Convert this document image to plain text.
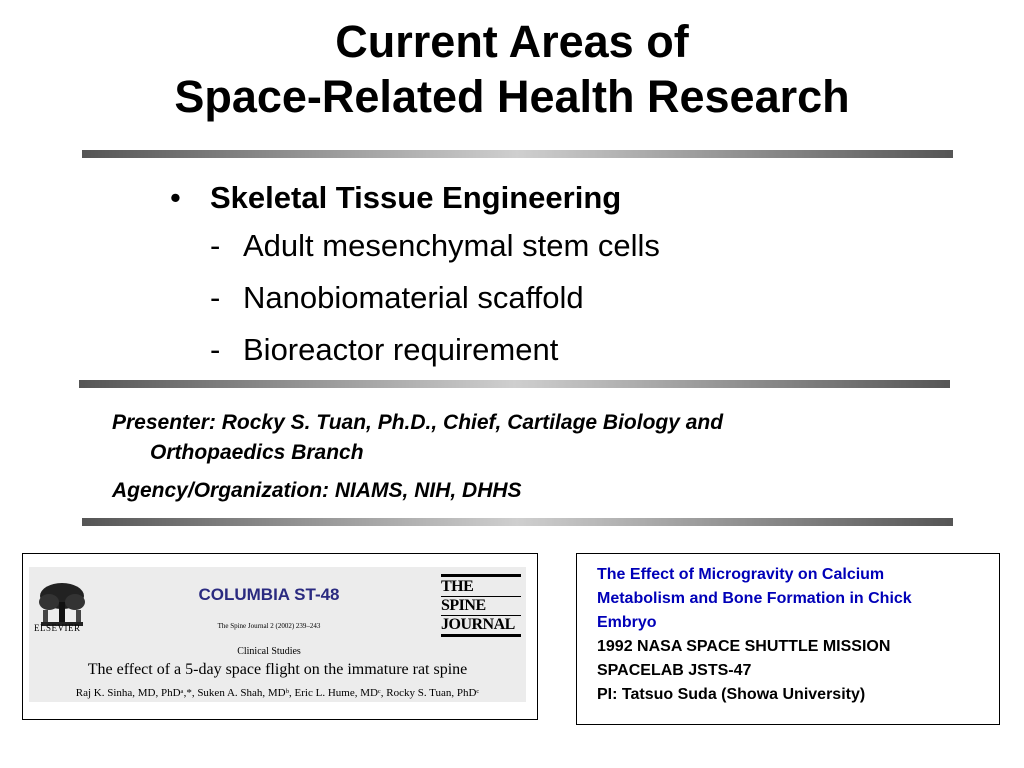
Current Areas of
Space-Related Health Research
• Skeletal Tissue Engineering
- Adult mesenchymal stem cells
- Nanobiomaterial scaffold
- Bioreactor requirement

Presenter: Rocky S. Tuan, Ph.D., Chief, Cartilage Biology and

Orthopaedics Branch

Agency/Organization: NIAMS, NIH, DHHS

ELSEVIER
COLUMBIA ST-48
The Spine Journal 2 (2002) 239–243
Clinical Studies
The effect of a 5-day space flight on the immature rat spine
Raj K. Sinha, MD, PhDᵃ,*, Suken A. Shah, MDᵇ, Eric L. Hume, MDᶜ, Rocky S. Tuan, PhDᶜ
THE
SPINE
JOURNAL

The Effect of Microgravity on Calcium

Metabolism and Bone Formation in Chick

Embryo

1992 NASA SPACE SHUTTLE MISSION

SPACELAB JSTS-47

PI: Tatsuo Suda (Showa University)
